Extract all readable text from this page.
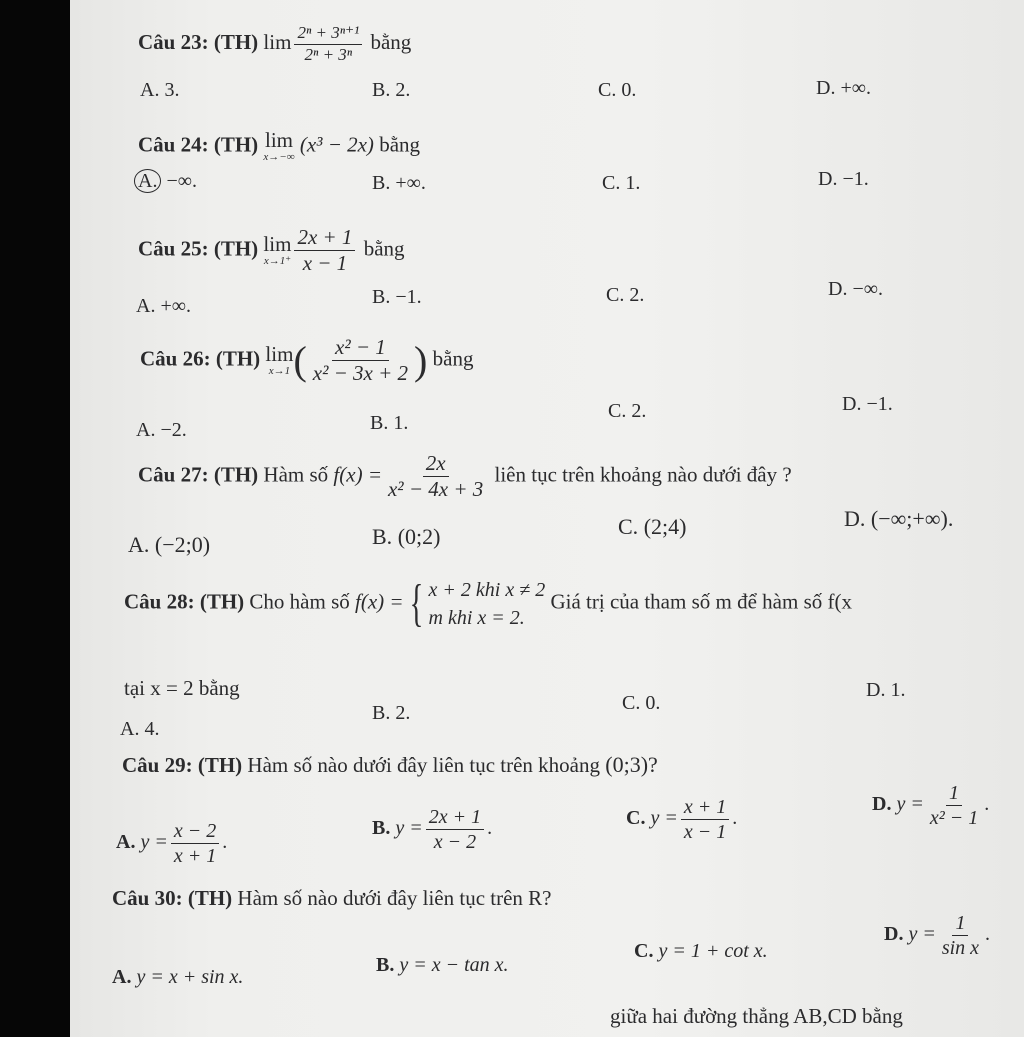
Câu 23: (TH) $\lim \frac{\text{2ⁿ + 3ⁿ⁺¹}}{\text{2ⁿ + 3ⁿ}}$ bằng
A. 3.	B. 2.	C. 0.	D. +∞.
Câu 24: (TH) lim
x→−∞
(x³ − 2x) bằng
A. −∞.	B. +∞.	C. 1.	D. −1.
Câu 25: (TH) lim
$x\to 1^+ \frac{2x + 1}{x - 1}$ bằng
A. +∞.	B. −1.	C. 2.	D. −∞.
Câu 26: (TH) lim
x→1 ( $\frac{\text{x² − 1}}{\text{x² − 3x + 2}}$ ) bằng
A. −2.	B. 1.
C. 2.	D. −1.
Câu 27: (TH) Hàm số $f(x) = \frac{2x}{\text{x² − 4x + 3}}$ liên tục trên khoảng nào dưới đây ?
A. (−2;0)	B. (0;2)	C. (2;4)	D. (−∞;+∞).
Câu 28: (TH) Cho hàm số f(x) = { x + 2 khi x ≠ 2
m khi x = 2.
Giá trị của tham số m để hàm số f(x
tại x = 2 bằng
A. 4.
B. 2.	C. 0.
D. 1.
Câu 29: (TH) Hàm số nào dưới đây liên tục trên khoảng (0;3)?
A. $y = \frac{x - 2}{x + 1}$ .
B. $y = \frac{2x + 1}{x - 2}$ .	C. $y = \frac{x + 1}{x - 1}$ .
D. $y = \frac{1}{\text{x² − 1}}$ .
Câu 30: (TH) Hàm số nào dưới đây liên tục trên R?
A. y = x + sin x.
B. y = x − tan x.
C. y = 1 + cot x.
D. $y = \frac{1}{\text{sin x}}$ .
giữa hai đường thẳng AB,CD bằng
